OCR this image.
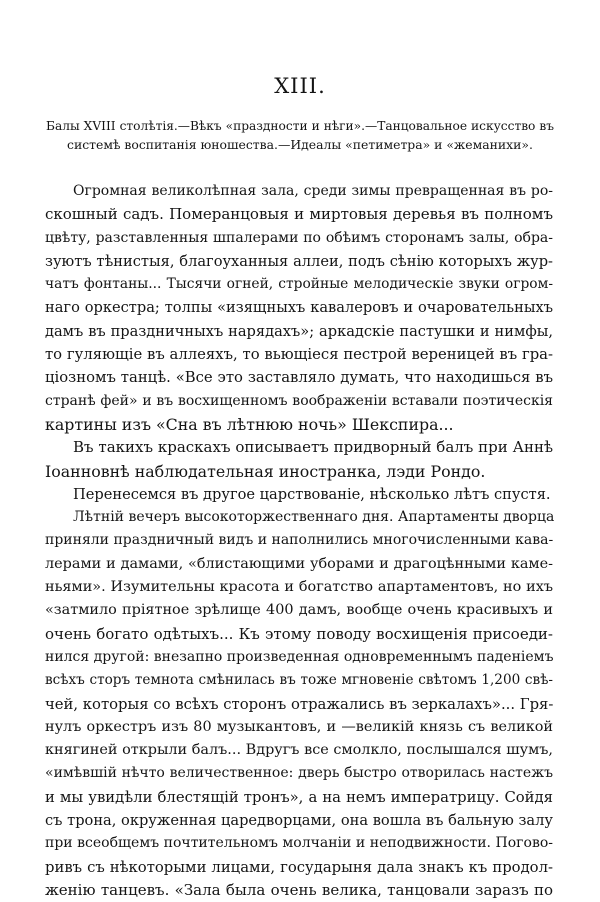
XIII.
Балы XVIII столѣтія.—Вѣкъ «праздности и нѣги».—Танцовальное искусство въ
системѣ воспитанія юношества.—Идеалы «петиметра» и «жеманихи».
Огромная великолѣпная зала, среди зимы превращенная въ ро-
скошный садъ. Померанцовыя и миртовыя деревья въ полномъ
цвѣту, разставленныя шпалерами по обѣимъ сторонамъ залы, обра-
зуютъ тѣнистыя, благоуханныя аллеи, подъ сѣнію которыхъ жур-
чатъ фонтаны... Тысячи огней, стройные мелодическіе звуки огром-
наго оркестра; толпы «изящныхъ кавалеровъ и очаровательныхъ
дамъ въ праздничныхъ нарядахъ»; аркадскіе пастушки и нимфы,
то гуляющіе въ аллеяхъ, то вьющіеся пестрой вереницей въ гра-
ціозномъ танцѣ. «Все это заставляло думать, что находишься въ
странѣ фей» и въ восхищенномъ воображеніи вставали поэтическія
картины изъ «Сна въ лѣтнюю ночь» Шекспира...
Въ такихъ краскахъ описываетъ придворный балъ при Аннѣ
Іоанновнѣ наблюдательная иностранка, лэди Рондо.
Перенесемся въ другое царствованіе, нѣсколько лѣтъ спустя.
Лѣтній вечеръ высокоторжественнаго дня. Апартаменты дворца
приняли праздничный видъ и наполнились многочисленными кава-
лерами и дамами, «блистающими уборами и драгоцѣнными камe-
ньями». Изумительны красота и богатство апартаментовъ, но ихъ
«затмило пріятное зрѣлище 400 дамъ, вообще очень красивыхъ и
очень богато одѣтыхъ... Къ этому поводу восхищенія присоеди-
нился другой: внезапно произведенная одновременнымъ паденіемъ
всѣхъ сторъ темнота смѣнилась въ тоже мгновеніе свѣтомъ 1,200 свѣ-
чей, которыя со всѣхъ сторонъ отражались въ зеркалахъ»... Гря-
нулъ оркестръ изъ 80 музыкантовъ, и —великій князь съ великой
княгиней открыли балъ... Вдругъ все смолкло, послышался шумъ,
«имѣвшій нѣчто величественное: дверь быстро отворилась настежъ
и мы увидѣли блестящій тронъ», а на немъ императрицу. Сойдя
съ трона, окруженная царедворцами, она вошла въ бальную залу
при всеобщемъ почтительномъ молчаніи и неподвижности. Погово-
ривъ съ нѣкоторыми лицами, государыня дала знакъ къ продол-
женію танцевъ. «Зала была очень велика, танцовали заразъ по
